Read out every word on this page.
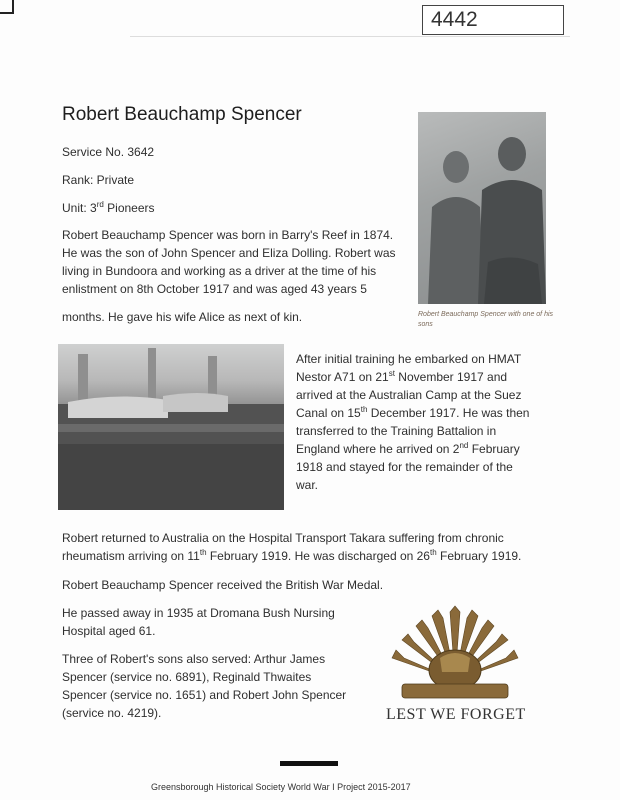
4442
Robert Beauchamp Spencer

Service No. 3642

Rank: Private

Unit: 3rd Pioneers

Robert Beauchamp Spencer was born in Barry's Reef in 1874.

He was the son of John Spencer and Eliza Dolling. Robert was

living in Bundoora and working as a driver at the time of his

enlistment on 8th October 1917 and was aged 43 years 5

months. He gave his wife Alice as next of kin.	Robert Beauchamp Spencer with one of his sons

After initial training he embarked on HMAT

Nestor A71 on 21st November 1917 and

arrived at the Australian Camp at the Suez

Canal on 15th December 1917. He was then

transferred to the Training Battalion in

England where he arrived on 2nd February

1918 and stayed for the remainder of the

war.

Robert returned to Australia on the Hospital Transport Takara suffering from chronic

rheumatism arriving on 11th February 1919. He was discharged on 26th February 1919.

Robert Beauchamp Spencer received the British War Medal.

He passed away in 1935 at Dromana Bush Nursing

Hospital aged 61.

Three of Robert's sons also served: Arthur James

Spencer (service no. 6891), Reginald Thwaites

Spencer (service no. 1651) and Robert John Spencer

(service no. 4219).	LEST WE FORGET
Greensborough Historical Society World War I Project 2015-2017
